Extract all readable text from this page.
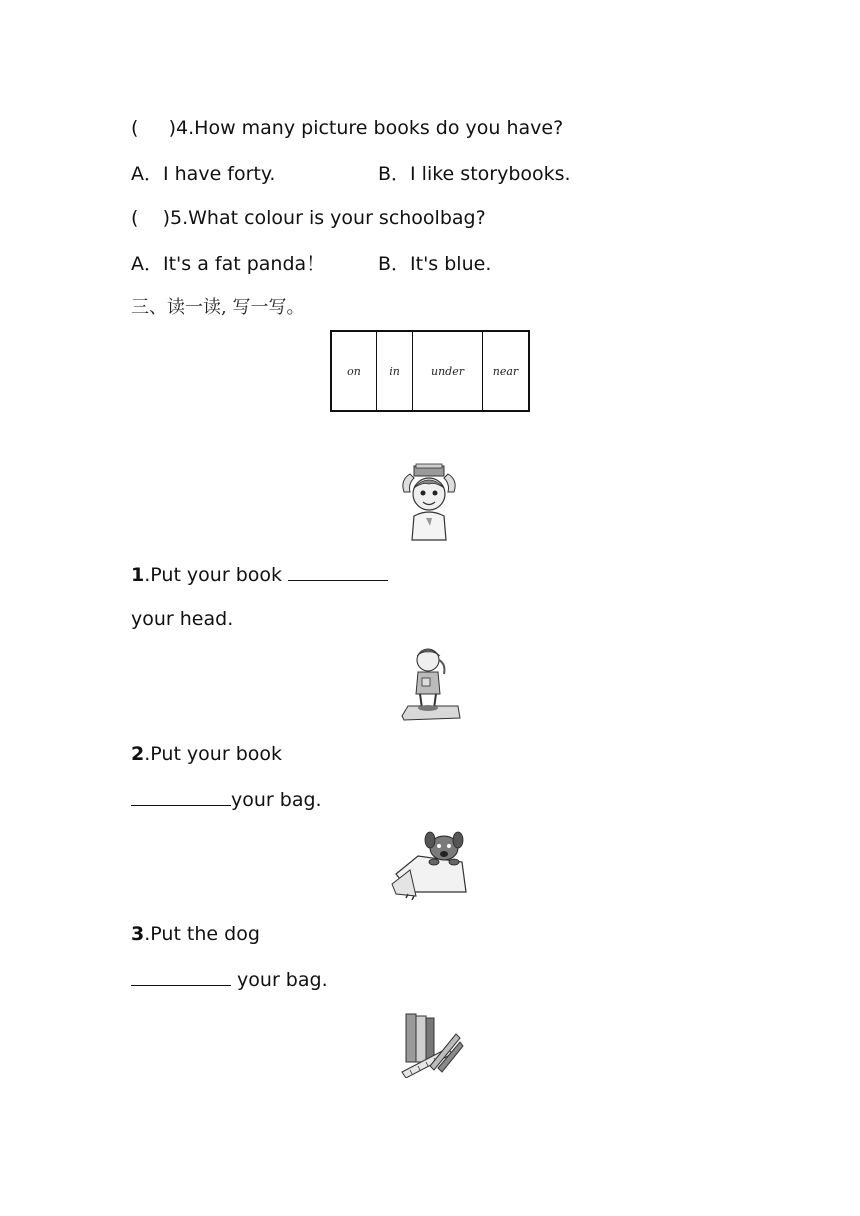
(     )4.How many picture books do you have?
A．I have forty.	B．I like storybooks.
(    )5.What colour is your schoolbag?
A．It's a fat panda！	B．It's blue.
三、读一读, 写一写。
on	in	under	near
1.Put your book
your head.
2.Put your book
your bag.
3.Put the dog
your bag.
